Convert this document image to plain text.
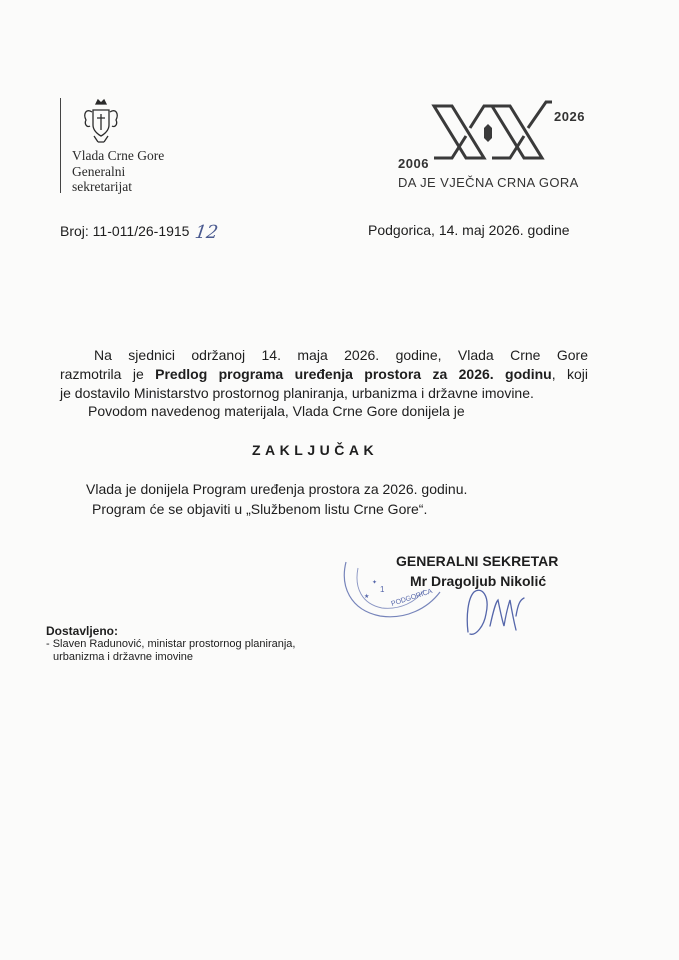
Vlada Crne Gore
Generalni
sekretarijat
2006
2026
DA JE VJEČNA CRNA GORA
Broj: 11-011/26-1915 12	Podgorica, 14. maj 2026. godine
Na sjednici održanoj 14. maja 2026. godine, Vlada Crne Gore
razmotrila je Predlog programa uređenja prostora za 2026. godinu, koji
je dostavilo Ministarstvo prostornog planiranja, urbanizma i državne imovine.
Povodom navedenog materijala, Vlada Crne Gore donijela je
ZAKLJUČAK
Vlada je donijela Program uređenja prostora za 2026. godinu.
Program će se objaviti u „Službenom listu Crne Gore“.
PODGORICA
1
★
✦
GENERALNI SEKRETAR
Mr Dragoljub Nikolić
Dostavljeno:
- Slaven Radunović, ministar prostornog planiranja,
urbanizma i državne imovine
